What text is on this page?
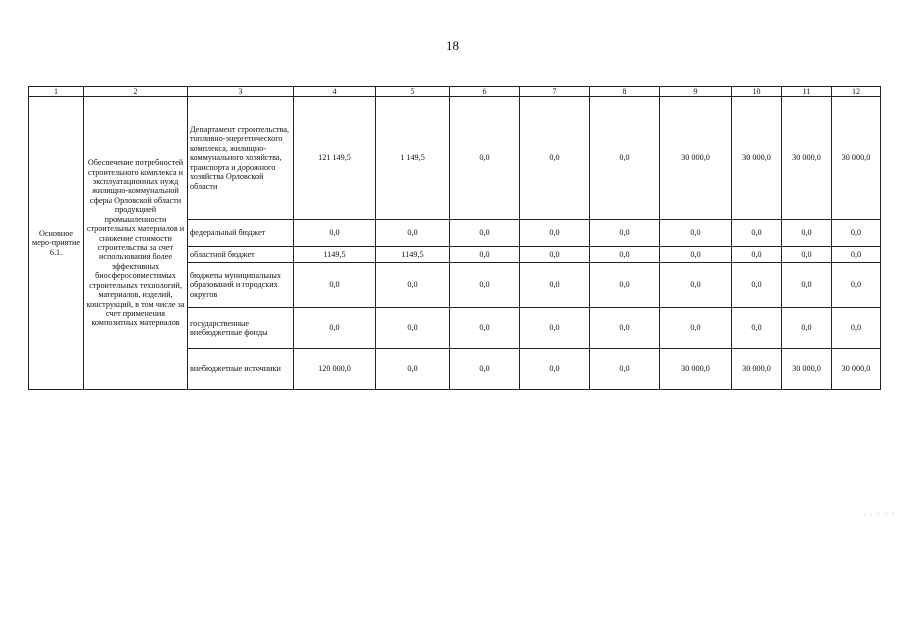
18
1	2	3	4	5	6	7	8	9	10	11	12
Основное меро-приятие 6.1.	Обеспечение потребностей строительного комплекса и эксплуатационных нужд жилищно-коммунальной сферы Орловской области продукцией промышленности строительных материалов и снижение стоимости строительства за счет использования более эффективных биосферосовместимых строительных технологий, материалов, изделий, конструкций, в том числе за счет применения композитных материалов	Департамент строительства, топливно-энергетического комплекса, жилищно-коммунального хозяйства, транспорта и дорожного хозяйства Орловской области	121 149,5	1 149,5	0,0	0,0	0,0	30 000,0	30 000,0	30 000,0	30 000,0
		федеральный бюджет	0,0	0,0	0,0	0,0	0,0	0,0	0,0	0,0	0,0
		областной бюджет	1149,5	1149,5	0,0	0,0	0,0	0,0	0,0	0,0	0,0
		бюджеты муниципальных образований и городских округов	0,0	0,0	0,0	0,0	0,0	0,0	0,0	0,0	0,0
		государственные внебюджетные фонды	0,0	0,0	0,0	0,0	0,0	0,0	0,0	0,0	0,0
		внебюджетные источники	120 000,0	0,0	0,0	0,0	0,0	30 000,0	30 000,0	30 000,0	30 000,0
